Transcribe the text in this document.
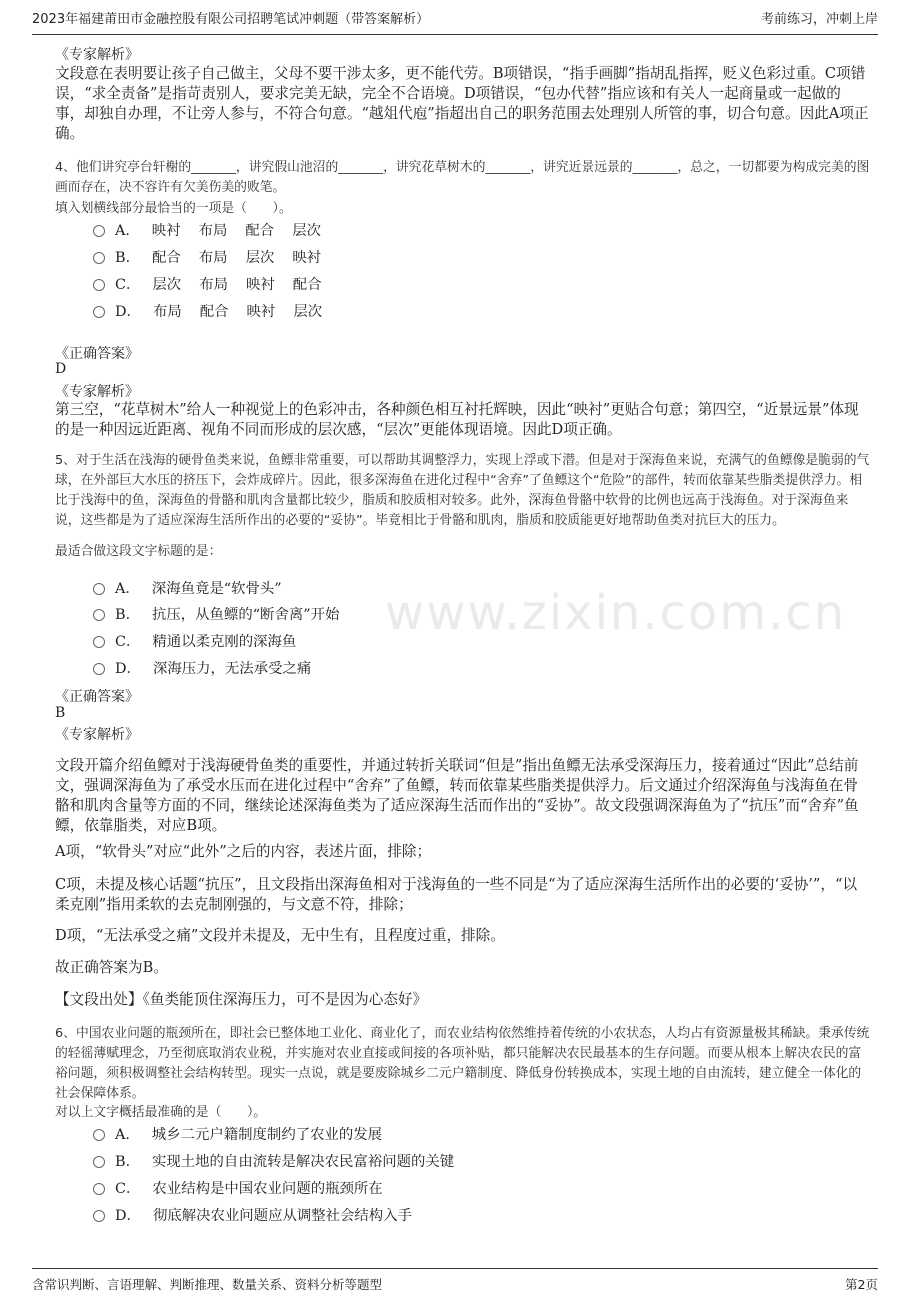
2023年福建莆田市金融控股有限公司招聘笔试冲刺题（带答案解析）	考前练习，冲刺上岸
www.zixin.com.cn
《专家解析》

文段意在表明要让孩子自己做主，父母不要干涉太多，更不能代劳。B项错误，“指手画脚”指胡乱指挥，贬义色彩过重。C项错误，“求全责备”是指苛责别人，要求完美无缺，完全不合语境。D项错误，“包办代替”指应该和有关人一起商量或一起做的事，却独自办理，不让旁人参与，不符合句意。“越俎代庖”指超出自己的职务范围去处理别人所管的事，切合句意。因此A项正确。

4、他们讲究亭台轩榭的_______，讲究假山池沼的_______，讲究花草树木的_______，讲究近景远景的_______，总之，一切都要为构成完美的图画而存在，决不容许有欠美伤美的败笔。

填入划横线部分最恰当的一项是（　　）。
A． 映衬 布局 配合 层次
B． 配合 布局 层次 映衬
C． 层次 布局 映衬 配合
D． 布局 配合 映衬 层次
《正确答案》
D
《专家解析》

第三空，“花草树木”给人一种视觉上的色彩冲击，各种颜色相互衬托辉映，因此“映衬”更贴合句意；第四空，“近景远景”体现的是一种因远近距离、视角不同而形成的层次感，“层次”更能体现语境。因此D项正确。

5、对于生活在浅海的硬骨鱼类来说，鱼鳔非常重要，可以帮助其调整浮力，实现上浮或下潜。但是对于深海鱼来说，充满气的鱼鳔像是脆弱的气球，在外部巨大水压的挤压下，会炸成碎片。因此，很多深海鱼在进化过程中“舍弃”了鱼鳔这个“危险”的部件，转而依靠某些脂类提供浮力。相比于浅海中的鱼，深海鱼的骨骼和肌肉含量都比较少，脂质和胶质相对较多。此外，深海鱼骨骼中软骨的比例也远高于浅海鱼。对于深海鱼来说，这些都是为了适应深海生活所作出的必要的“妥协”。毕竟相比于骨骼和肌肉，脂质和胶质能更好地帮助鱼类对抗巨大的压力。

最适合做这段文字标题的是：
A． 深海鱼竟是“软骨头”
B． 抗压，从鱼鳔的“断舍离”开始
C． 精通以柔克刚的深海鱼
D． 深海压力，无法承受之痛
《正确答案》
B
《专家解析》

文段开篇介绍鱼鳔对于浅海硬骨鱼类的重要性，并通过转折关联词“但是”指出鱼鳔无法承受深海压力，接着通过“因此”总结前文，强调深海鱼为了承受水压而在进化过程中“舍弃”了鱼鳔，转而依靠某些脂类提供浮力。后文通过介绍深海鱼与浅海鱼在骨骼和肌肉含量等方面的不同，继续论述深海鱼类为了适应深海生活而作出的“妥协”。故文段强调深海鱼为了“抗压”而“舍弃”鱼鳔，依靠脂类，对应B项。

A项，“软骨头”对应“此外”之后的内容，表述片面，排除；

C项，未提及核心话题“抗压”，且文段指出深海鱼相对于浅海鱼的一些不同是“为了适应深海生活所作出的必要的‘妥协’”，“以柔克刚”指用柔软的去克制刚强的，与文意不符，排除；

D项，“无法承受之痛”文段并未提及，无中生有，且程度过重，排除。

故正确答案为B。

【文段出处】《鱼类能顶住深海压力，可不是因为心态好》

6、中国农业问题的瓶颈所在，即社会已整体地工业化、商业化了，而农业结构依然维持着传统的小农状态，人均占有资源量极其稀缺。秉承传统的轻徭薄赋理念，乃至彻底取消农业税，并实施对农业直接或间接的各项补贴，都只能解决农民最基本的生存问题。而要从根本上解决农民的富裕问题，须积极调整社会结构转型。现实一点说，就是要废除城乡二元户籍制度、降低身份转换成本，实现土地的自由流转，建立健全一体化的社会保障体系。

对以上文字概括最准确的是（　　）。
A． 城乡二元户籍制度制约了农业的发展
B． 实现土地的自由流转是解决农民富裕问题的关键
C． 农业结构是中国农业问题的瓶颈所在
D． 彻底解决农业问题应从调整社会结构入手
含常识判断、言语理解、判断推理、数量关系、资料分析等题型	第2页
